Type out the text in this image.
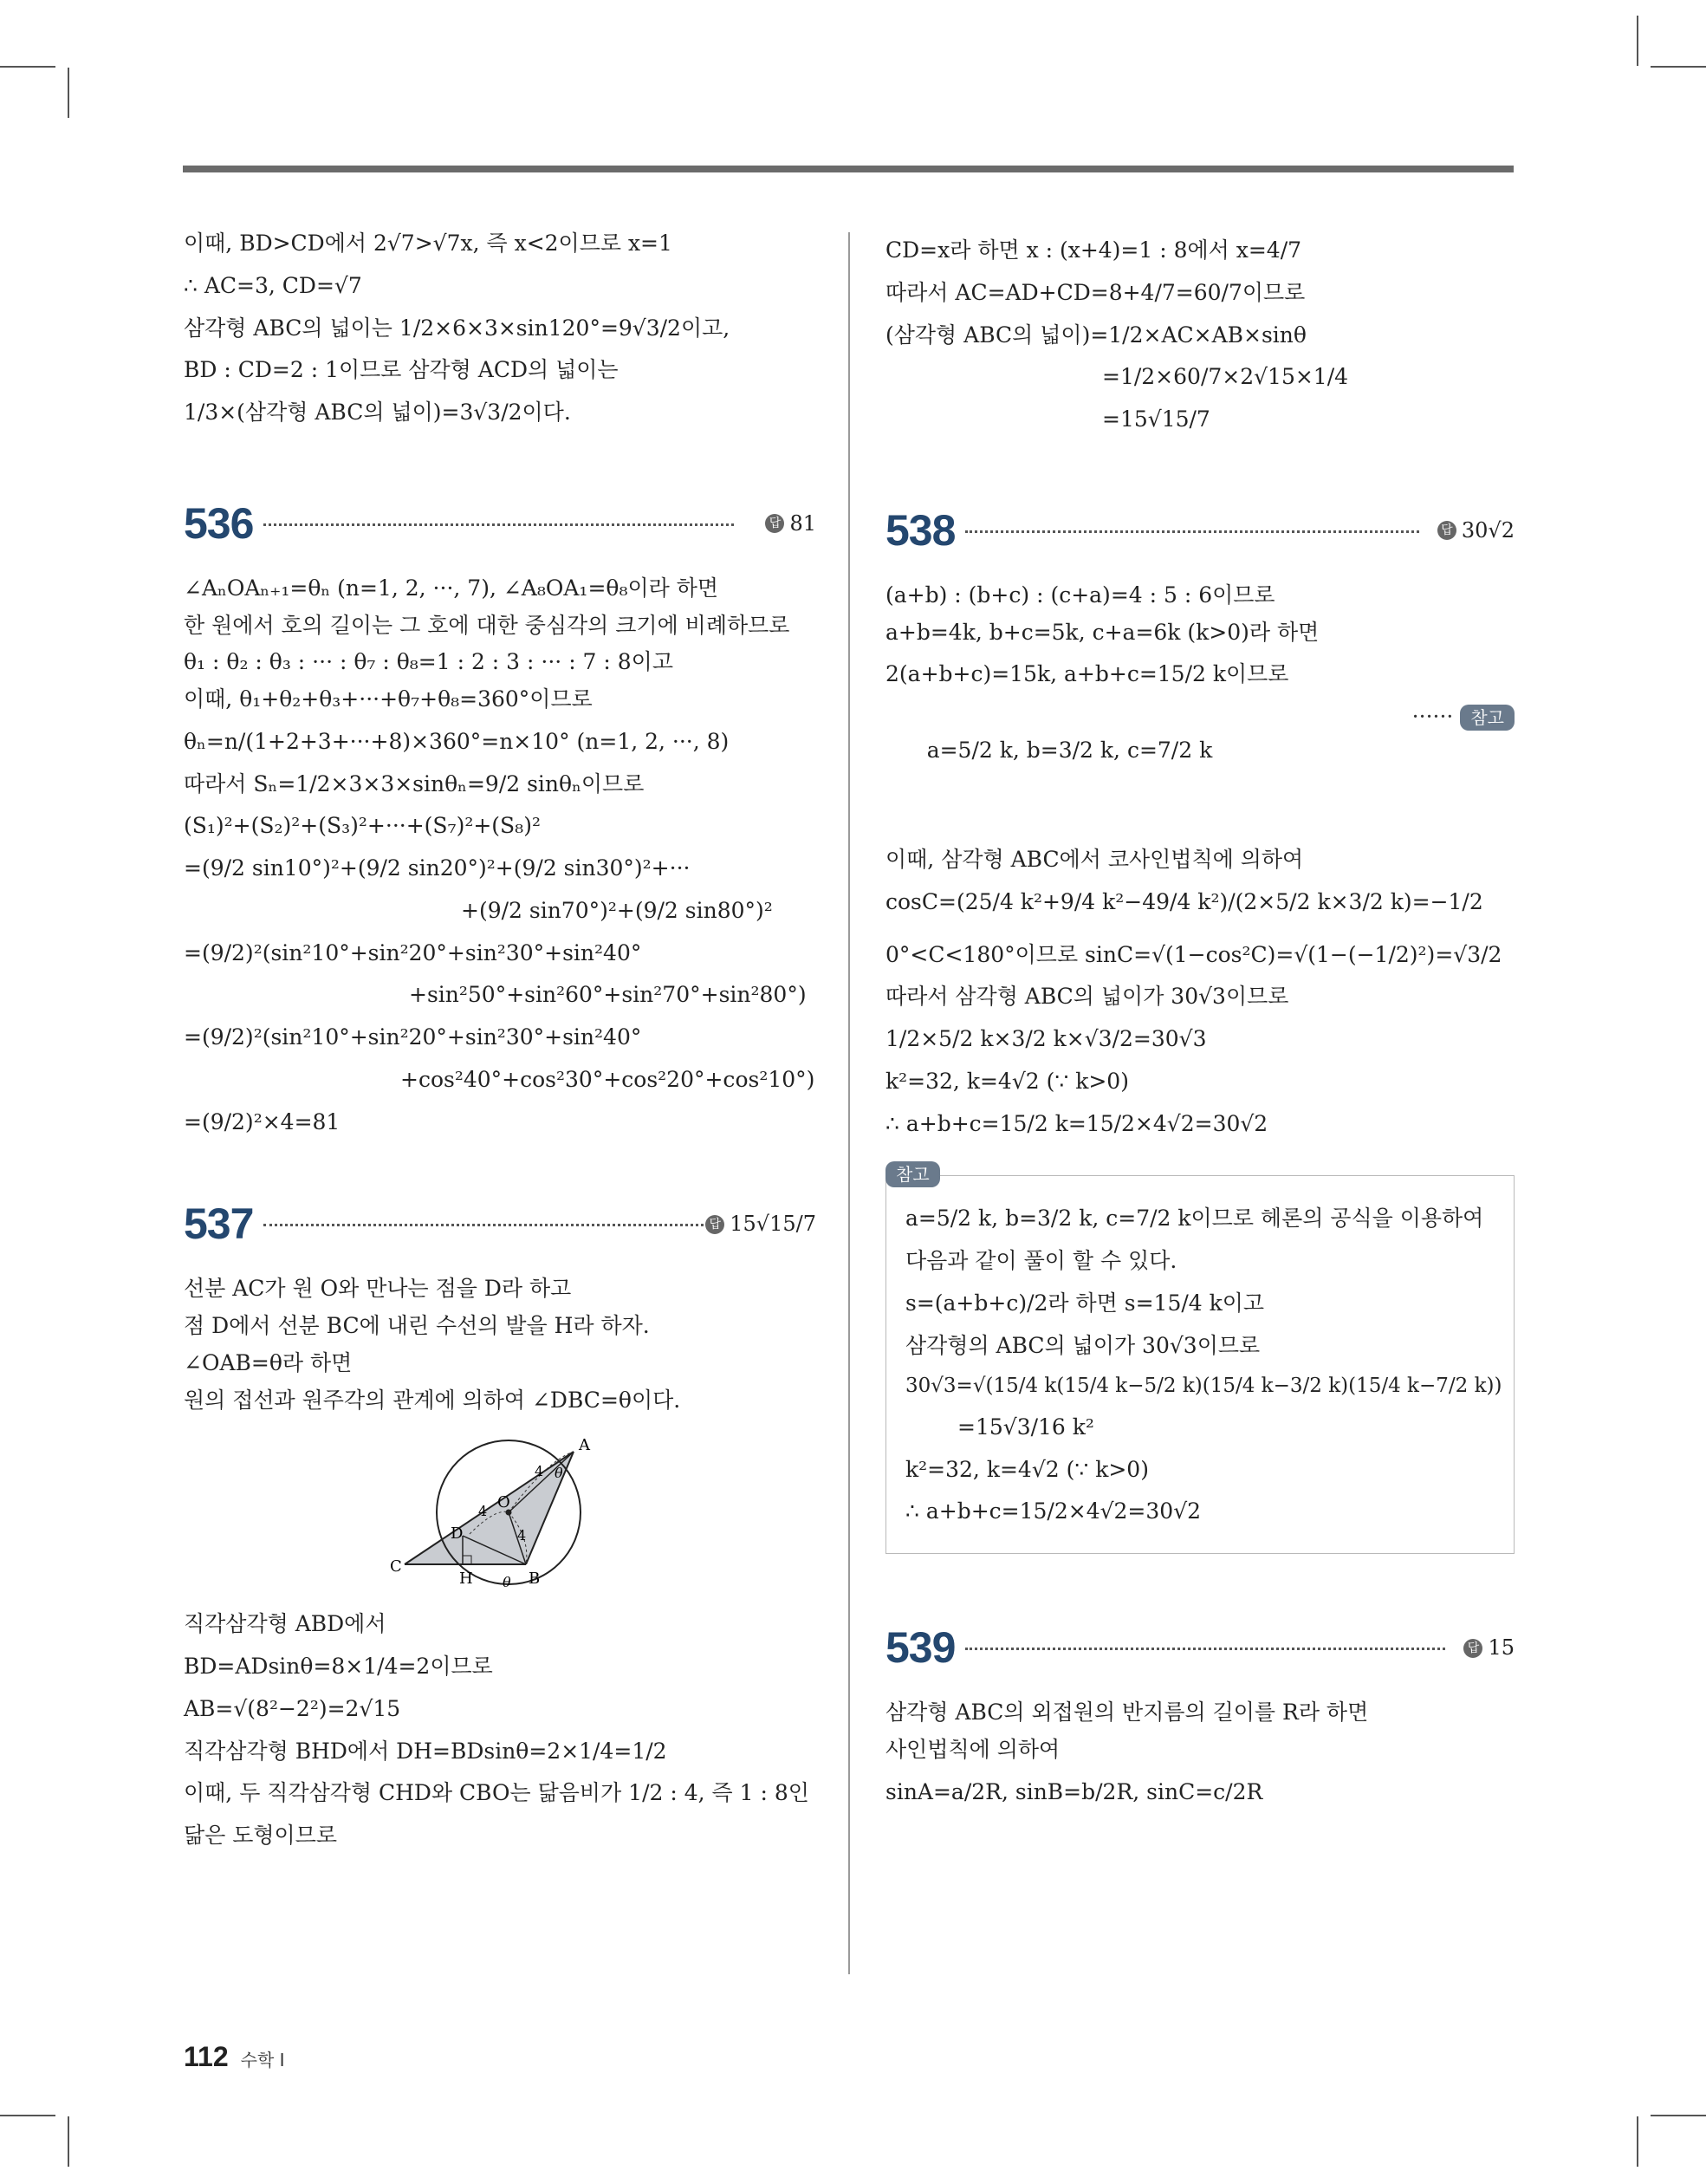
이때, BD>CD에서 2√7>√7x, 즉 x<2이므로 x=1
∴ AC=3, CD=√7
삼각형 ABC의 넓이는 1/2×6×3×sin120°=9√3/2이고,
BD : CD=2 : 1이므로 삼각형 ACD의 넓이는
1/3×(삼각형 ABC의 넓이)=3√3/2이다.
536	답 81
∠AₙOAₙ₊₁=θₙ (n=1, 2, ···, 7), ∠A₈OA₁=θ₈이라 하면
한 원에서 호의 길이는 그 호에 대한 중심각의 크기에 비례하므로
θ₁ : θ₂ : θ₃ : ··· : θ₇ : θ₈=1 : 2 : 3 : ··· : 7 : 8이고
이때, θ₁+θ₂+θ₃+···+θ₇+θ₈=360°이므로
θₙ=n/(1+2+3+···+8)×360°=n×10° (n=1, 2, ···, 8)
따라서 Sₙ=1/2×3×3×sinθₙ=9/2 sinθₙ이므로
(S₁)²+(S₂)²+(S₃)²+···+(S₇)²+(S₈)²
=(9/2 sin10°)²+(9/2 sin20°)²+(9/2 sin30°)²+···
+(9/2 sin70°)²+(9/2 sin80°)²
=(9/2)²(sin²10°+sin²20°+sin²30°+sin²40°
+sin²50°+sin²60°+sin²70°+sin²80°)
=(9/2)²(sin²10°+sin²20°+sin²30°+sin²40°
+cos²40°+cos²30°+cos²20°+cos²10°)
=(9/2)²×4=81
537	답 15√15/7
선분 AC가 원 O와 만나는 점을 D라 하고
점 D에서 선분 BC에 내린 수선의 발을 H라 하자.
∠OAB=θ라 하면
원의 접선과 원주각의 관계에 의하여 ∠DBC=θ이다.
A
O
D
C
H	B
4
4
4
θ
θ
직각삼각형 ABD에서
BD=ADsinθ=8×1/4=2이므로
AB=√(8²−2²)=2√15
직각삼각형 BHD에서 DH=BDsinθ=2×1/4=1/2
이때, 두 직각삼각형 CHD와 CBO는 닮음비가 1/2 : 4, 즉 1 : 8인
닮은 도형이므로
CD=x라 하면 x : (x+4)=1 : 8에서 x=4/7
따라서 AC=AD+CD=8+4/7=60/7이므로
(삼각형 ABC의 넓이)=1/2×AC×AB×sinθ
=1/2×60/7×2√15×1/4
=15√15/7
538	답 30√2
(a+b) : (b+c) : (c+a)=4 : 5 : 6이므로
a+b=4k, b+c=5k, c+a=6k (k>0)라 하면
2(a+b+c)=15k, a+b+c=15/2 k이므로

a=5/2 k, b=3/2 k, c=7/2 k

······ 참고

이때, 삼각형 ABC에서 코사인법칙에 의하여
cosC=(25/4 k²+9/4 k²−49/4 k²)/(2×5/2 k×3/2 k)=−1/2
0°<C<180°이므로 sinC=√(1−cos²C)=√(1−(−1/2)²)=√3/2
따라서 삼각형 ABC의 넓이가 30√3이므로
1/2×5/2 k×3/2 k×√3/2=30√3
k²=32, k=4√2 (∵ k>0)
∴ a+b+c=15/2 k=15/2×4√2=30√2
참고
a=5/2 k, b=3/2 k, c=7/2 k이므로 헤론의 공식을 이용하여
다음과 같이 풀이 할 수 있다.
s=(a+b+c)/2라 하면 s=15/4 k이고
삼각형의 ABC의 넓이가 30√3이므로
30√3=√(15/4 k(15/4 k−5/2 k)(15/4 k−3/2 k)(15/4 k−7/2 k))
=15√3/16 k²
k²=32, k=4√2 (∵ k>0)
∴ a+b+c=15/2×4√2=30√2
539	답 15
삼각형 ABC의 외접원의 반지름의 길이를 R라 하면
사인법칙에 의하여
sinA=a/2R, sinB=b/2R, sinC=c/2R
112 수학 I
